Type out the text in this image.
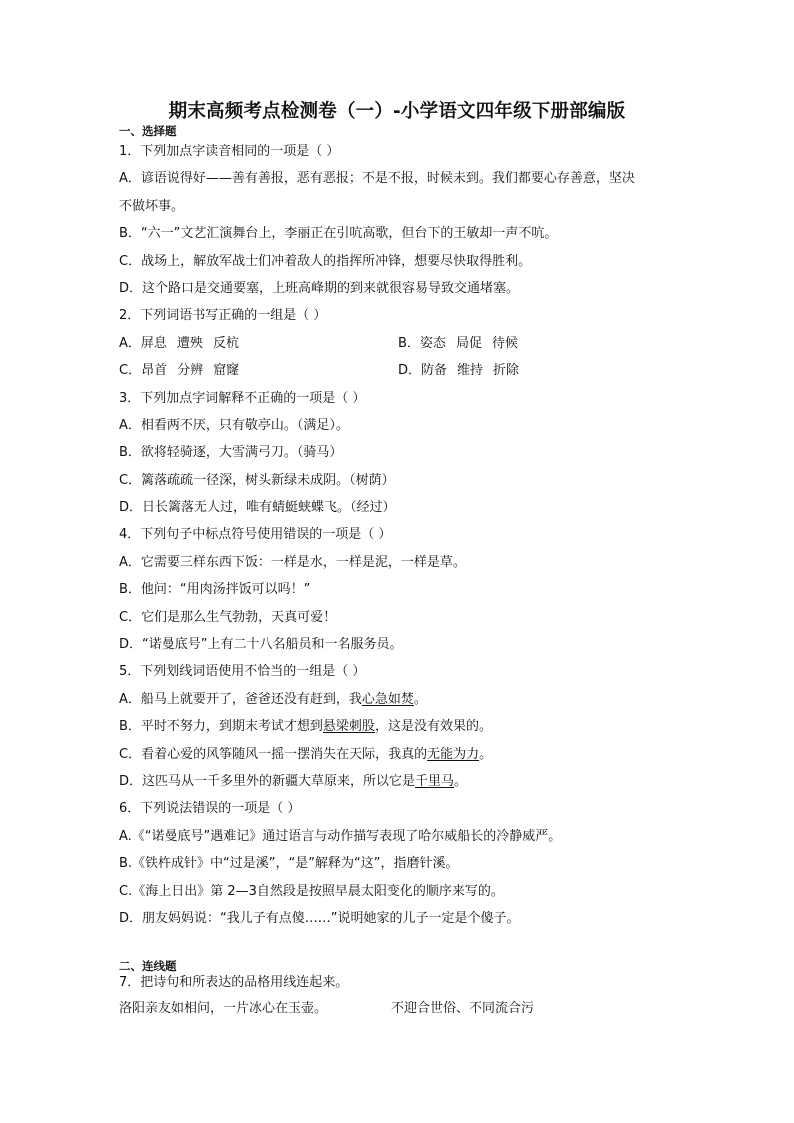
期末高频考点检测卷（一）-小学语文四年级下册部编版
一、选择题
1．下列加点字读音相同的一项是（ ）
A．谚语说得好——善有善报，恶有恶报；不是不报，时候未到。我们都要心存善意，坚决
不做坏事。
B．“六一”文艺汇演舞台上，李丽正在引吭高歌，但台下的王敏却一声不吭。
C．战场上，解放军战士们冲着敌人的指挥所冲锋，想要尽快取得胜利。
D．这个路口是交通要塞，上班高峰期的到来就很容易导致交通堵塞。
2．下列词语书写正确的一组是（ ）
A．屏息 遭殃 反杭	B．姿态 局促 待候
C．昂首 分辨 窟窿	D．防备 维持 折除
3．下列加点字词解释不正确的一项是（ ）
A．相看两不厌，只有敬亭山。（满足）。
B．欲将轻骑逐，大雪满弓刀。（骑马）
C．篱落疏疏一径深，树头新绿未成阴。（树荫）
D．日长篱落无人过，唯有蜻蜓蛱蝶飞。（经过）
4．下列句子中标点符号使用错误的一项是（ ）
A．它需要三样东西下饭：一样是水，一样是泥，一样是草。
B．他问：“用肉汤拌饭可以吗！”
C．它们是那么生气勃勃，天真可爱！
D．“诺曼底号”上有二十八名船员和一名服务员。
5．下列划线词语使用不恰当的一组是（ ）
A．船马上就要开了，爸爸还没有赶到，我心急如焚。
B．平时不努力，到期末考试才想到悬梁刺股，这是没有效果的。
C．看着心爱的风筝随风一摇一摆消失在天际，我真的无能为力。
D．这匹马从一千多里外的新疆大草原来，所以它是千里马。
6．下列说法错误的一项是（ ）
A.《“诺曼底号”遇难记》通过语言与动作描写表现了哈尔威船长的冷静威严。
B.《铁杵成针》中“过是溪”，“是”解释为“这”，指磨针溪。
C.《海上日出》第 2—3自然段是按照早晨太阳变化的顺序来写的。
D．朋友妈妈说：“我儿子有点傻……”说明她家的儿子一定是个傻子。
二、连线题
7．把诗句和所表达的品格用线连起来。
洛阳亲友如相问，一片冰心在玉壶。	不迎合世俗、不同流合污
